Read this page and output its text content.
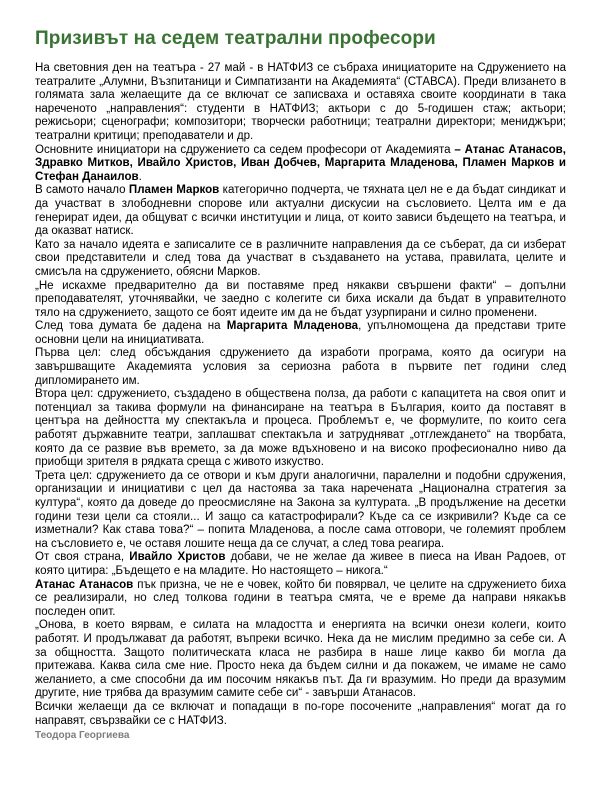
Призивът на седем театрални професори

На световния ден на театъра - 27 май - в НАТФИЗ се събраха инициаторите на Сдружението на театралите „Алумни, Възпитаници и Симпатизанти на Академията“ (СТАВСА). Преди влизането в голямата зала желаещите да се включат се записваха и оставяха своите координати в така нареченото „направления“: студенти в НАТФИЗ; актьори с до 5-годишен стаж; актьори; режисьори; сценографи; композитори; творчески работници; театрални директори; мениджъри; театрални критици; преподаватели и др.

Основните инициатори на сдружението са седем професори от Академията – Атанас Атанасов, Здравко Митков, Ивайло Христов, Иван Добчев, Маргарита Младенова, Пламен Марков и Стефан Данаилов.

В самото начало Пламен Марков категорично подчерта, че тяхната цел не е да бъдат синдикат и да участват в злободневни спорове или актуални дискусии на съсловието. Целта им е да генерират идеи, да общуват с всички институции и лица, от които зависи бъдещето на театъра, и да оказват натиск.

Като за начало идеята е записалите се в различните направления да се съберат, да си изберат свои представители и след това да участват в създаването на устава, правилата, целите и смисъла на сдружението, обясни Марков.

„Не искахме предварително да ви поставяме пред някакви свършени факти“ – допълни преподавателят, уточнявайки, че заедно с колегите си биха искали да бъдат в управителното тяло на сдружението, защото се боят идеите им да не бъдат узурпирани и силно променени.

След това думата бе дадена на Маргарита Младенова, упълномощена да представи трите основни цели на инициативата.

Първа цел: след обсъждания сдружението да изработи програма, която да осигури на завършващите Академията условия за сериозна работа в първите пет години след дипломирането им.

Втора цел: сдружението, създадено в обществена полза, да работи с капацитета на своя опит и потенциал за такива формули на финансиране на театъра в България, които да поставят в центъра на дейността му спектакъла и процеса. Проблемът е, че формулите, по които сега работят държавните театри, заплашват спектакъла и затрудняват „отглеждането“ на творбата, която да се развие във времето, за да може вдъхновено и на високо професионално ниво да приобщи зрителя в рядката среща с живото изкуство.

Трета цел: сдружението да се отвори и към други аналогични, паралелни и подобни сдружения, организации и инициативи с цел да настоява за така наречената „Национална стратегия за култура“, която да доведе до преосмисляне на Закона за културата. „В продължение на десетки години тези цели са стояли... И защо са катастрофирали? Къде са се изкривили? Къде са се изметнали? Как става това?“ – попита Младенова, а после сама отговори, че големият проблем на съсловието е, че оставя лошите неща да се случат, а след това реагира.

От своя страна, Ивайло Христов добави, че не желае да живее в пиеса на Иван Радоев, от която цитира: „Бъдещето е на младите. Но настоящето – никога.“

Атанас Атанасов пък призна, че не е човек, който би повярвал, че целите на сдружението биха се реализирали, но след толкова години в театъра смята, че е време да направи някакъв последен опит.

„Онова, в което вярвам, е силата на младостта и енергията на всички онези колеги, които работят. И продължават да работят, въпреки всичко. Нека да не мислим предимно за себе си. А за общността. Защото политическата класа не разбира в наше лице какво би могла да притежава. Каква сила сме ние. Просто нека да бъдем силни и да покажем, че имаме не само желанието, а сме способни да им посочим някакъв път. Да ги вразумим. Но преди да вразумим другите, ние трябва да вразумим самите себе си“ - завърши Атанасов.

Всички желаещи да се включат и попадащи в по-горе посочените „направления“ могат да го направят, свързвайки се с НАТФИЗ.

Теодора Георгиева
